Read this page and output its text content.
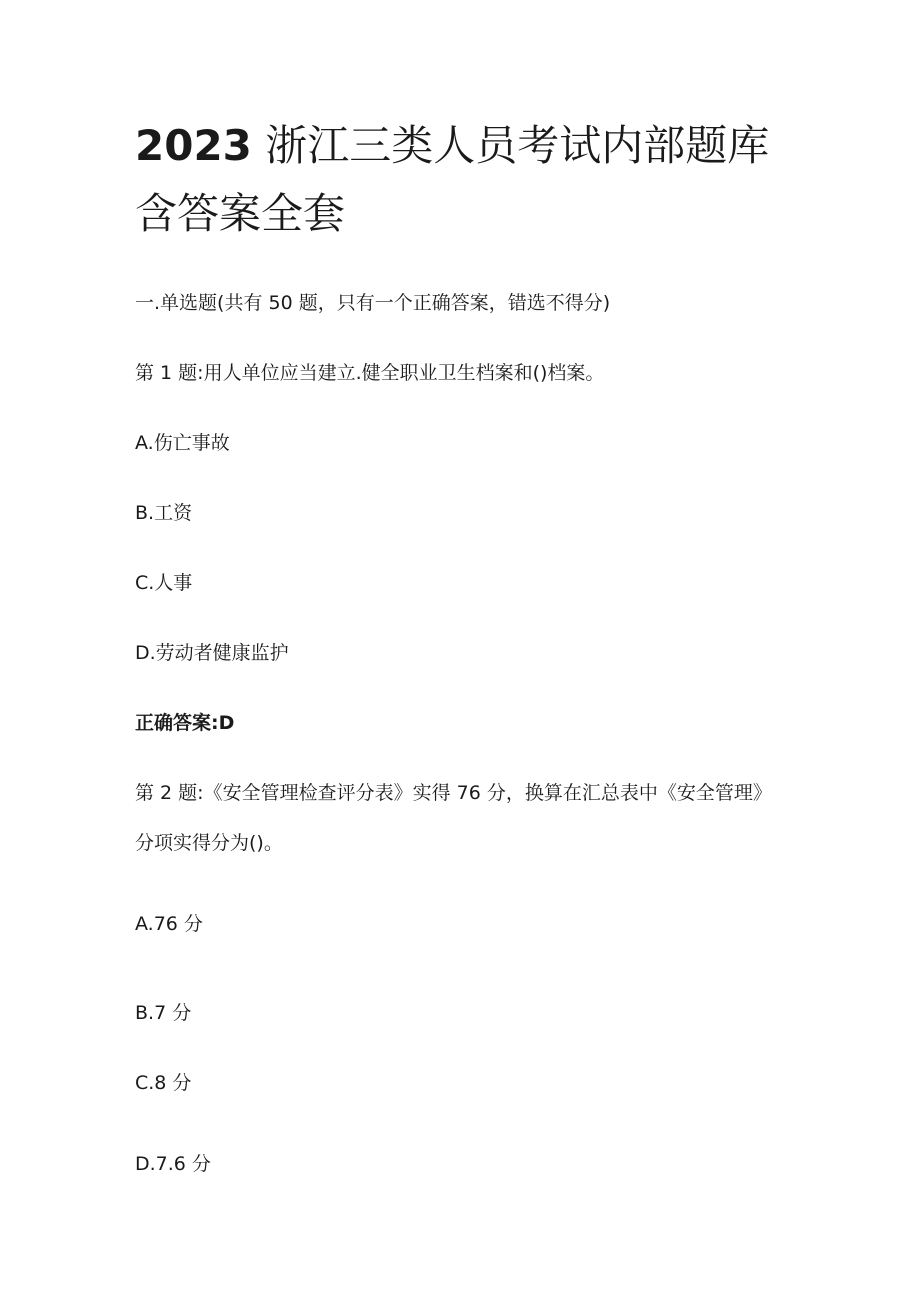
2023 浙江三类人员考试内部题库含答案全套
一.单选题(共有 50 题，只有一个正确答案，错选不得分)
第 1 题:用人单位应当建立.健全职业卫生档案和()档案。
A.伤亡事故
B.工资
C.人事
D.劳动者健康监护
正确答案:D
第 2 题:《安全管理检查评分表》实得 76 分，换算在汇总表中《安全管理》分项实得分为()。
A.76 分
B.7 分
C.8 分
D.7.6 分
